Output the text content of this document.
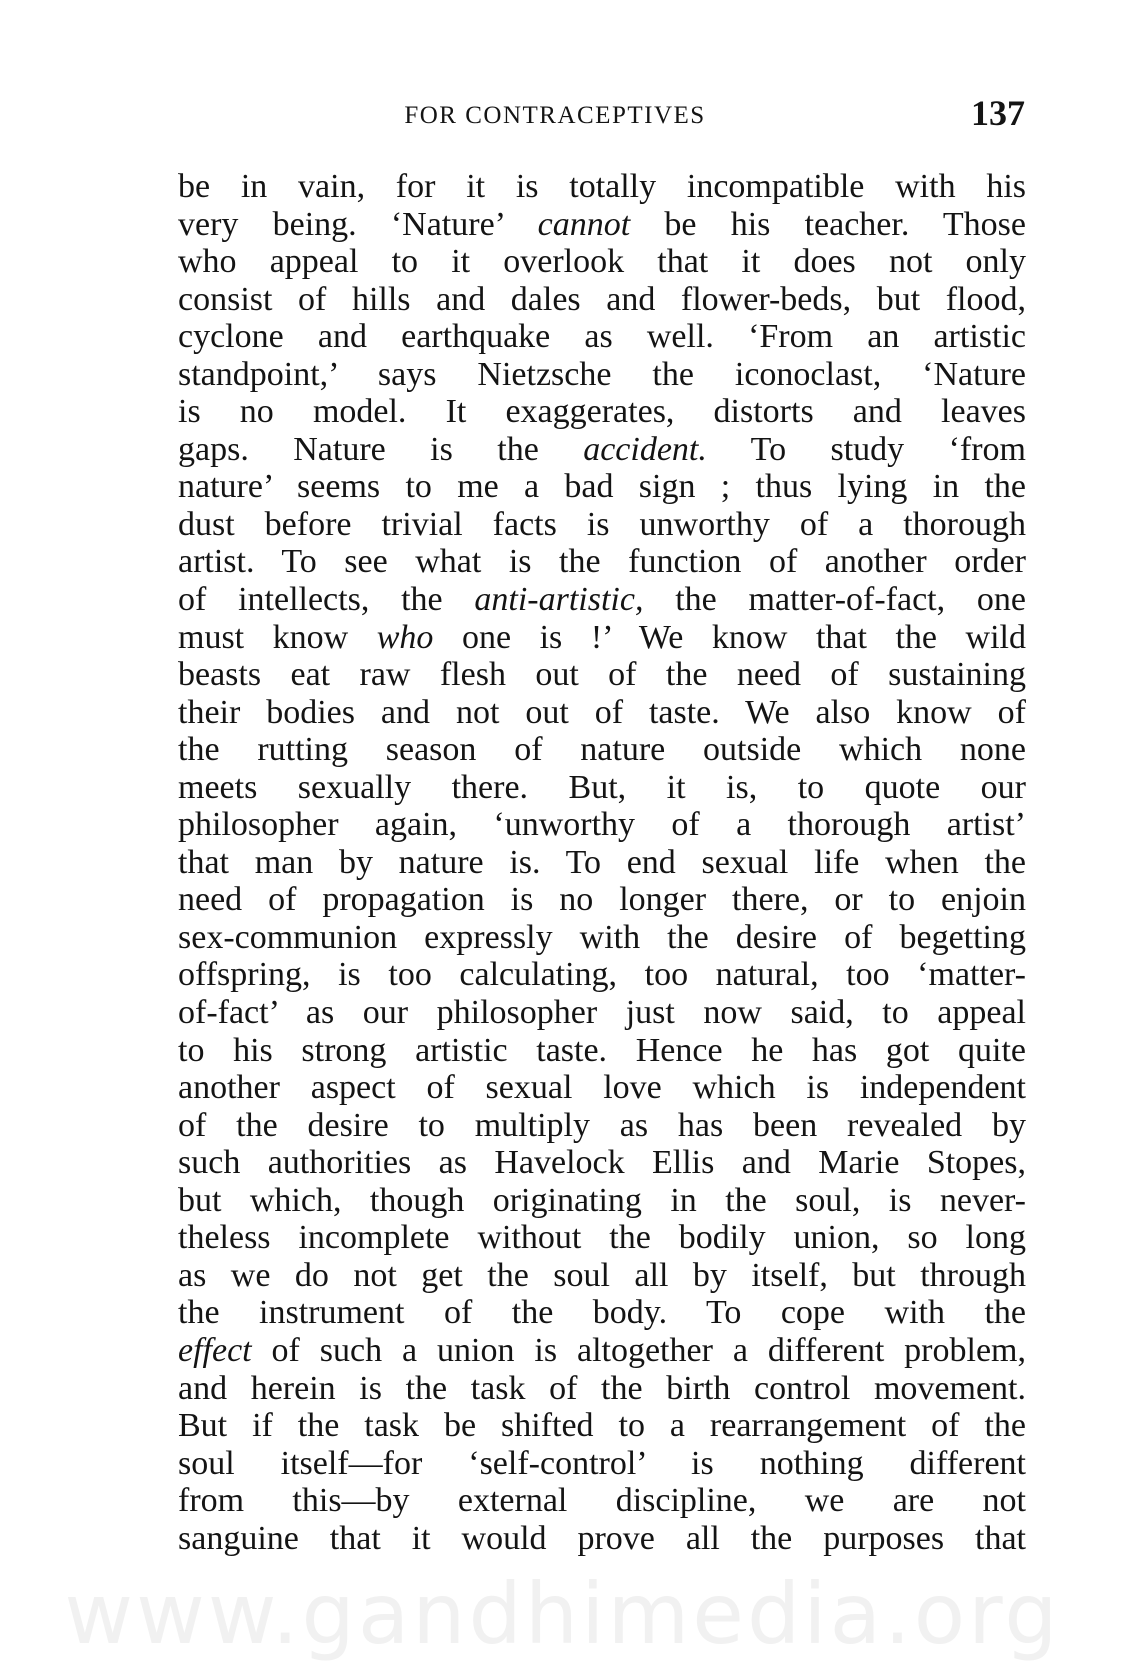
FOR CONTRACEPTIVES	137
be in vain, for it is totally incompatible with his
very being. ‘Nature’ cannot be his teacher. Those
who appeal to it overlook that it does not only
consist of hills and dales and flower-beds, but flood,
cyclone and earthquake as well. ‘From an artistic
standpoint,’ says Nietzsche the iconoclast, ‘Nature
is no model. It exaggerates, distorts and leaves
gaps. Nature is the accident. To study ‘from
nature’ seems to me a bad sign ; thus lying in the
dust before trivial facts is unworthy of a thorough
artist. To see what is the function of another order
of intellects, the anti-artistic, the matter-of-fact, one
must know who one is !’ We know that the wild
beasts eat raw flesh out of the need of sustaining
their bodies and not out of taste. We also know of
the rutting season of nature outside which none
meets sexually there. But, it is, to quote our
philosopher again, ‘unworthy of a thorough artist’
that man by nature is. To end sexual life when the
need of propagation is no longer there, or to enjoin
sex-communion expressly with the desire of begetting
offspring, is too calculating, too natural, too ‘matter-
of-fact’ as our philosopher just now said, to appeal
to his strong artistic taste. Hence he has got quite
another aspect of sexual love which is independent
of the desire to multiply as has been revealed by
such authorities as Havelock Ellis and Marie Stopes,
but which, though originating in the soul, is never-
theless incomplete without the bodily union, so long
as we do not get the soul all by itself, but through
the instrument of the body. To cope with the
effect of such a union is altogether a different problem,
and herein is the task of the birth control movement.
But if the task be shifted to a rearrangement of the
soul itself—for ‘self-control’ is nothing different
from this—by external discipline, we are not
sanguine that it would prove all the purposes that
www.gandhimedia.org
